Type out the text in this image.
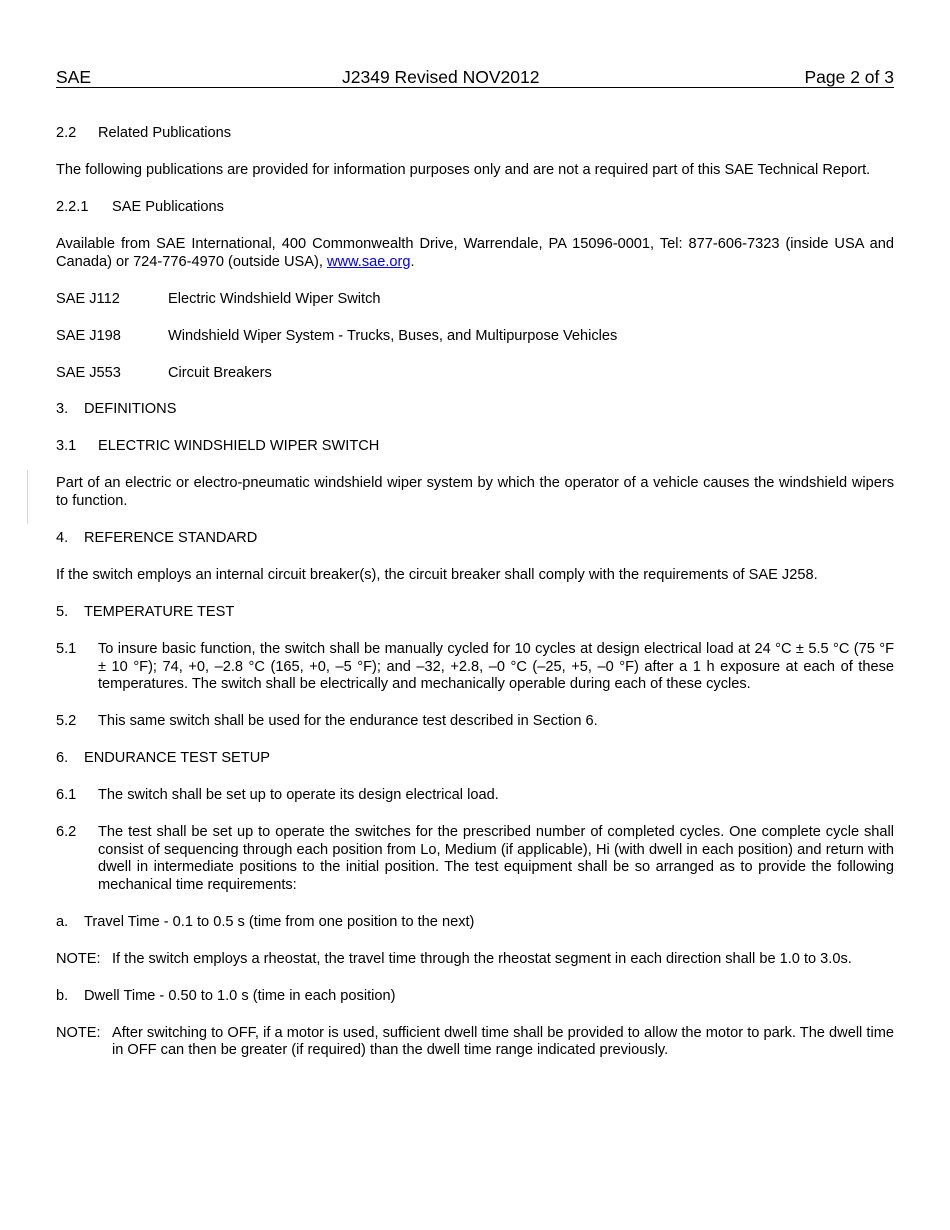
SAE	J2349 Revised NOV2012	Page 2 of 3
2.2 Related Publications
The following publications are provided for information purposes only and are not a required part of this SAE Technical Report.
2.2.1 SAE Publications
Available from SAE International, 400 Commonwealth Drive, Warrendale, PA 15096-0001, Tel: 877-606-7323 (inside USA and Canada) or 724-776-4970 (outside USA), www.sae.org.
SAE J112	Electric Windshield Wiper Switch
SAE J198	Windshield Wiper System - Trucks, Buses, and Multipurpose Vehicles
SAE J553	Circuit Breakers
3. DEFINITIONS
3.1 ELECTRIC WINDSHIELD WIPER SWITCH
Part of an electric or electro-pneumatic windshield wiper system by which the operator of a vehicle causes the windshield wipers to function.
4. REFERENCE STANDARD
If the switch employs an internal circuit breaker(s), the circuit breaker shall comply with the requirements of SAE J258.
5. TEMPERATURE TEST
5.1	To insure basic function, the switch shall be manually cycled for 10 cycles at design electrical load at 24 °C ± 5.5 °C (75 °F ± 10 °F); 74, +0, –2.8 °C (165, +0, –5 °F); and –32, +2.8, –0 °C (–25, +5, –0 °F) after a 1 h exposure at each of these temperatures. The switch shall be electrically and mechanically operable during each of these cycles.
5.2	This same switch shall be used for the endurance test described in Section 6.
6. ENDURANCE TEST SETUP
6.1	The switch shall be set up to operate its design electrical load.
6.2	The test shall be set up to operate the switches for the prescribed number of completed cycles. One complete cycle shall consist of sequencing through each position from Lo, Medium (if applicable), Hi (with dwell in each position) and return with dwell in intermediate positions to the initial position. The test equipment shall be so arranged as to provide the following mechanical time requirements:
a. Travel Time - 0.1 to 0.5 s (time from one position to the next)
NOTE: If the switch employs a rheostat, the travel time through the rheostat segment in each direction shall be 1.0 to 3.0s.
b. Dwell Time - 0.50 to 1.0 s (time in each position)
NOTE: After switching to OFF, if a motor is used, sufficient dwell time shall be provided to allow the motor to park. The dwell time in OFF can then be greater (if required) than the dwell time range indicated previously.
